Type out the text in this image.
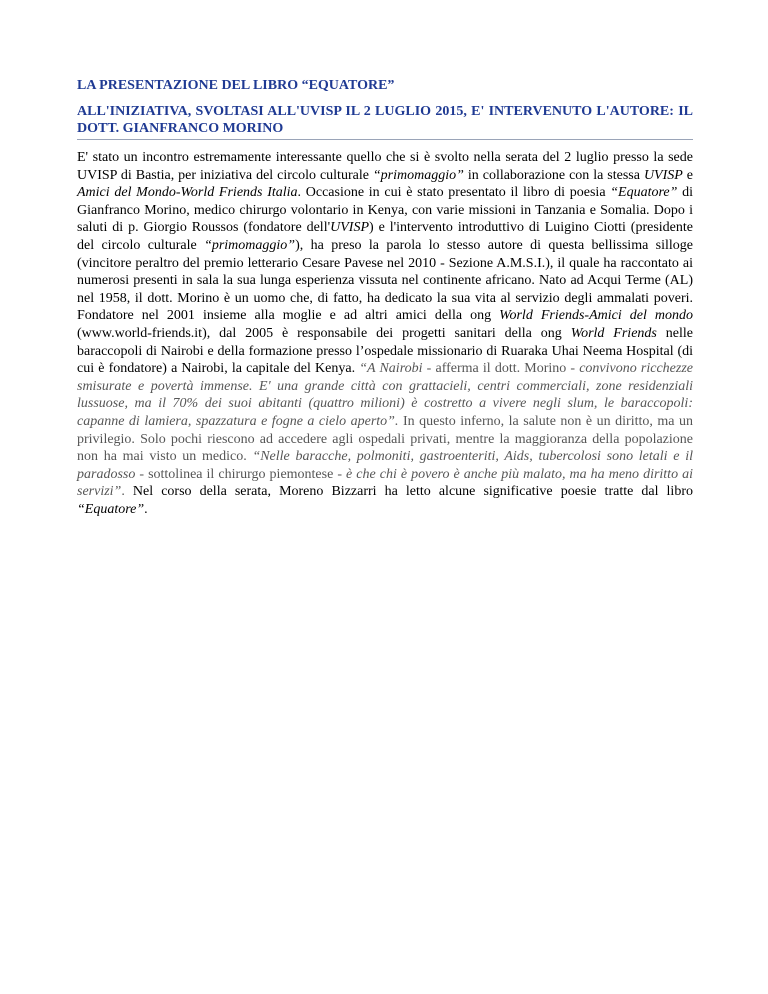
LA PRESENTAZIONE DEL LIBRO “EQUATORE”
ALL'INIZIATIVA, SVOLTASI ALL'UVISP IL 2 LUGLIO 2015, E' INTERVENUTO L'AUTORE: IL DOTT. GIANFRANCO MORINO

E' stato un incontro estremamente interessante quello che si è svolto nella serata del 2 luglio presso la sede UVISP di Bastia, per iniziativa del circolo culturale “primomaggio” in collaborazione con la stessa UVISP e Amici del Mondo-World Friends Italia. Occasione in cui è stato presentato il libro di poesia “Equatore” di Gianfranco Morino, medico chirurgo volontario in Kenya, con varie missioni in Tanzania e Somalia. Dopo i saluti di p. Giorgio Roussos (fondatore dell'UVISP) e l'intervento introduttivo di Luigino Ciotti (presidente del circolo culturale “primomaggio”), ha preso la parola lo stesso autore di questa bellissima silloge (vincitore peraltro del premio letterario Cesare Pavese nel 2010 - Sezione A.M.S.I.), il quale ha raccontato ai numerosi presenti in sala la sua lunga esperienza vissuta nel continente africano. Nato ad Acqui Terme (AL) nel 1958, il dott. Morino è un uomo che, di fatto, ha dedicato la sua vita al servizio degli ammalati poveri. Fondatore nel 2001 insieme alla moglie e ad altri amici della ong World Friends-Amici del mondo (www.world-friends.it), dal 2005 è responsabile dei progetti sanitari della ong World Friends nelle baraccopoli di Nairobi e della formazione presso l’ospedale missionario di Ruaraka Uhai Neema Hospital (di cui è fondatore) a Nairobi, la capitale del Kenya. “A Nairobi - afferma il dott. Morino - convivono ricchezze smisurate e povertà immense. E' una grande città con grattacieli, centri commerciali, zone residenziali lussuose, ma il 70% dei suoi abitanti (quattro milioni) è costretto a vivere negli slum, le baraccopoli: capanne di lamiera, spazzatura e fogne a cielo aperto”. In questo inferno, la salute non è un diritto, ma un privilegio. Solo pochi riescono ad accedere agli ospedali privati, mentre la maggioranza della popolazione non ha mai visto un medico. “Nelle baracche, polmoniti, gastroenteriti, Aids, tubercolosi sono letali e il paradosso - sottolinea il chirurgo piemontese - è che chi è povero è anche più malato, ma ha meno diritto ai servizi”. Nel corso della serata, Moreno Bizzarri ha letto alcune significative poesie tratte dal libro “Equatore”.
